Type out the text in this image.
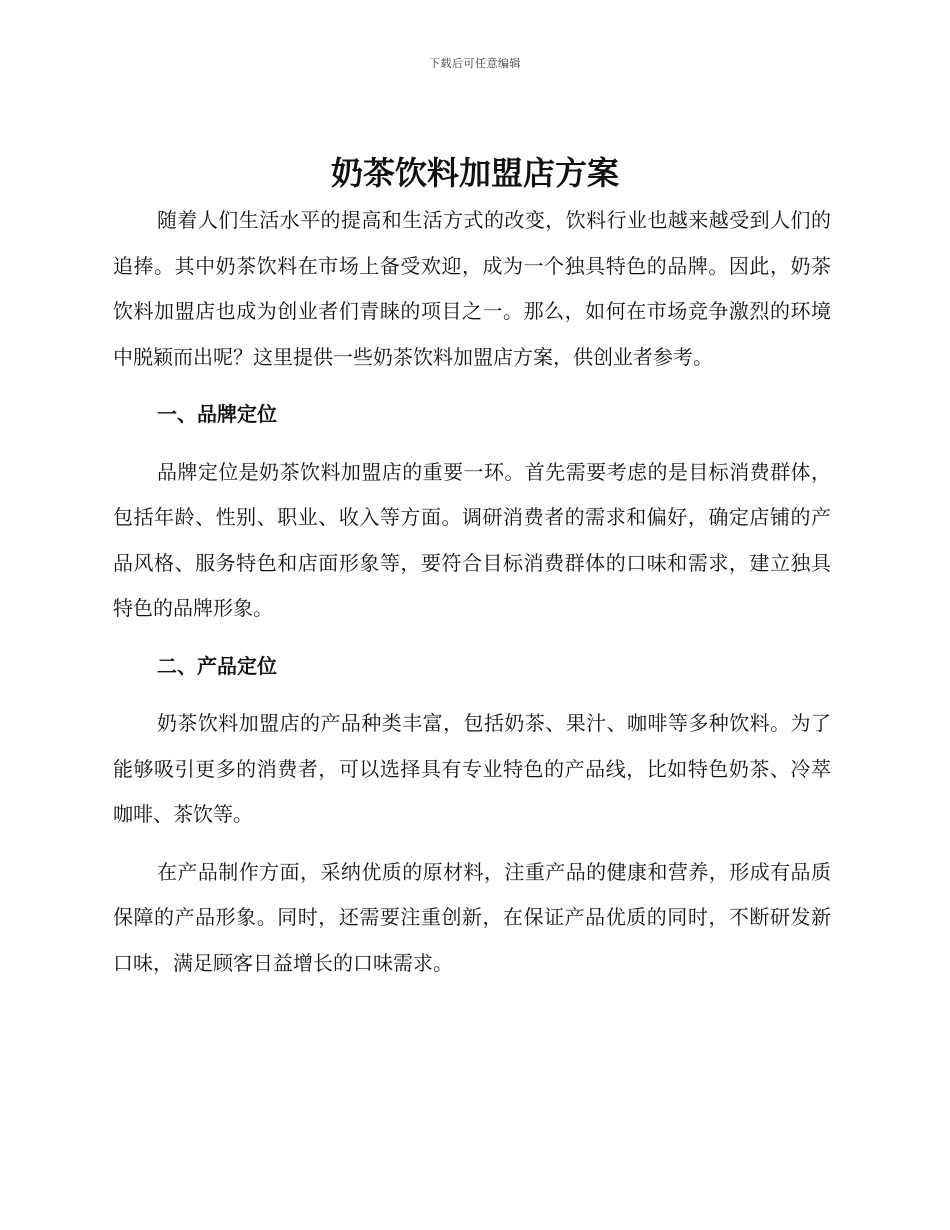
下载后可任意编辑
奶茶饮料加盟店方案

随着人们生活水平的提高和生活方式的改变，饮料行业也越来越受到人们的追捧。其中奶茶饮料在市场上备受欢迎，成为一个独具特色的品牌。因此，奶茶饮料加盟店也成为创业者们青睐的项目之一。那么，如何在市场竞争激烈的环境中脱颖而出呢？这里提供一些奶茶饮料加盟店方案，供创业者参考。

一、品牌定位

品牌定位是奶茶饮料加盟店的重要一环。首先需要考虑的是目标消费群体，包括年龄、性别、职业、收入等方面。调研消费者的需求和偏好，确定店铺的产品风格、服务特色和店面形象等，要符合目标消费群体的口味和需求，建立独具特色的品牌形象。

二、产品定位

奶茶饮料加盟店的产品种类丰富，包括奶茶、果汁、咖啡等多种饮料。为了能够吸引更多的消费者，可以选择具有专业特色的产品线，比如特色奶茶、冷萃咖啡、茶饮等。

在产品制作方面，采纳优质的原材料，注重产品的健康和营养，形成有品质保障的产品形象。同时，还需要注重创新，在保证产品优质的同时，不断研发新口味，满足顾客日益增长的口味需求。
